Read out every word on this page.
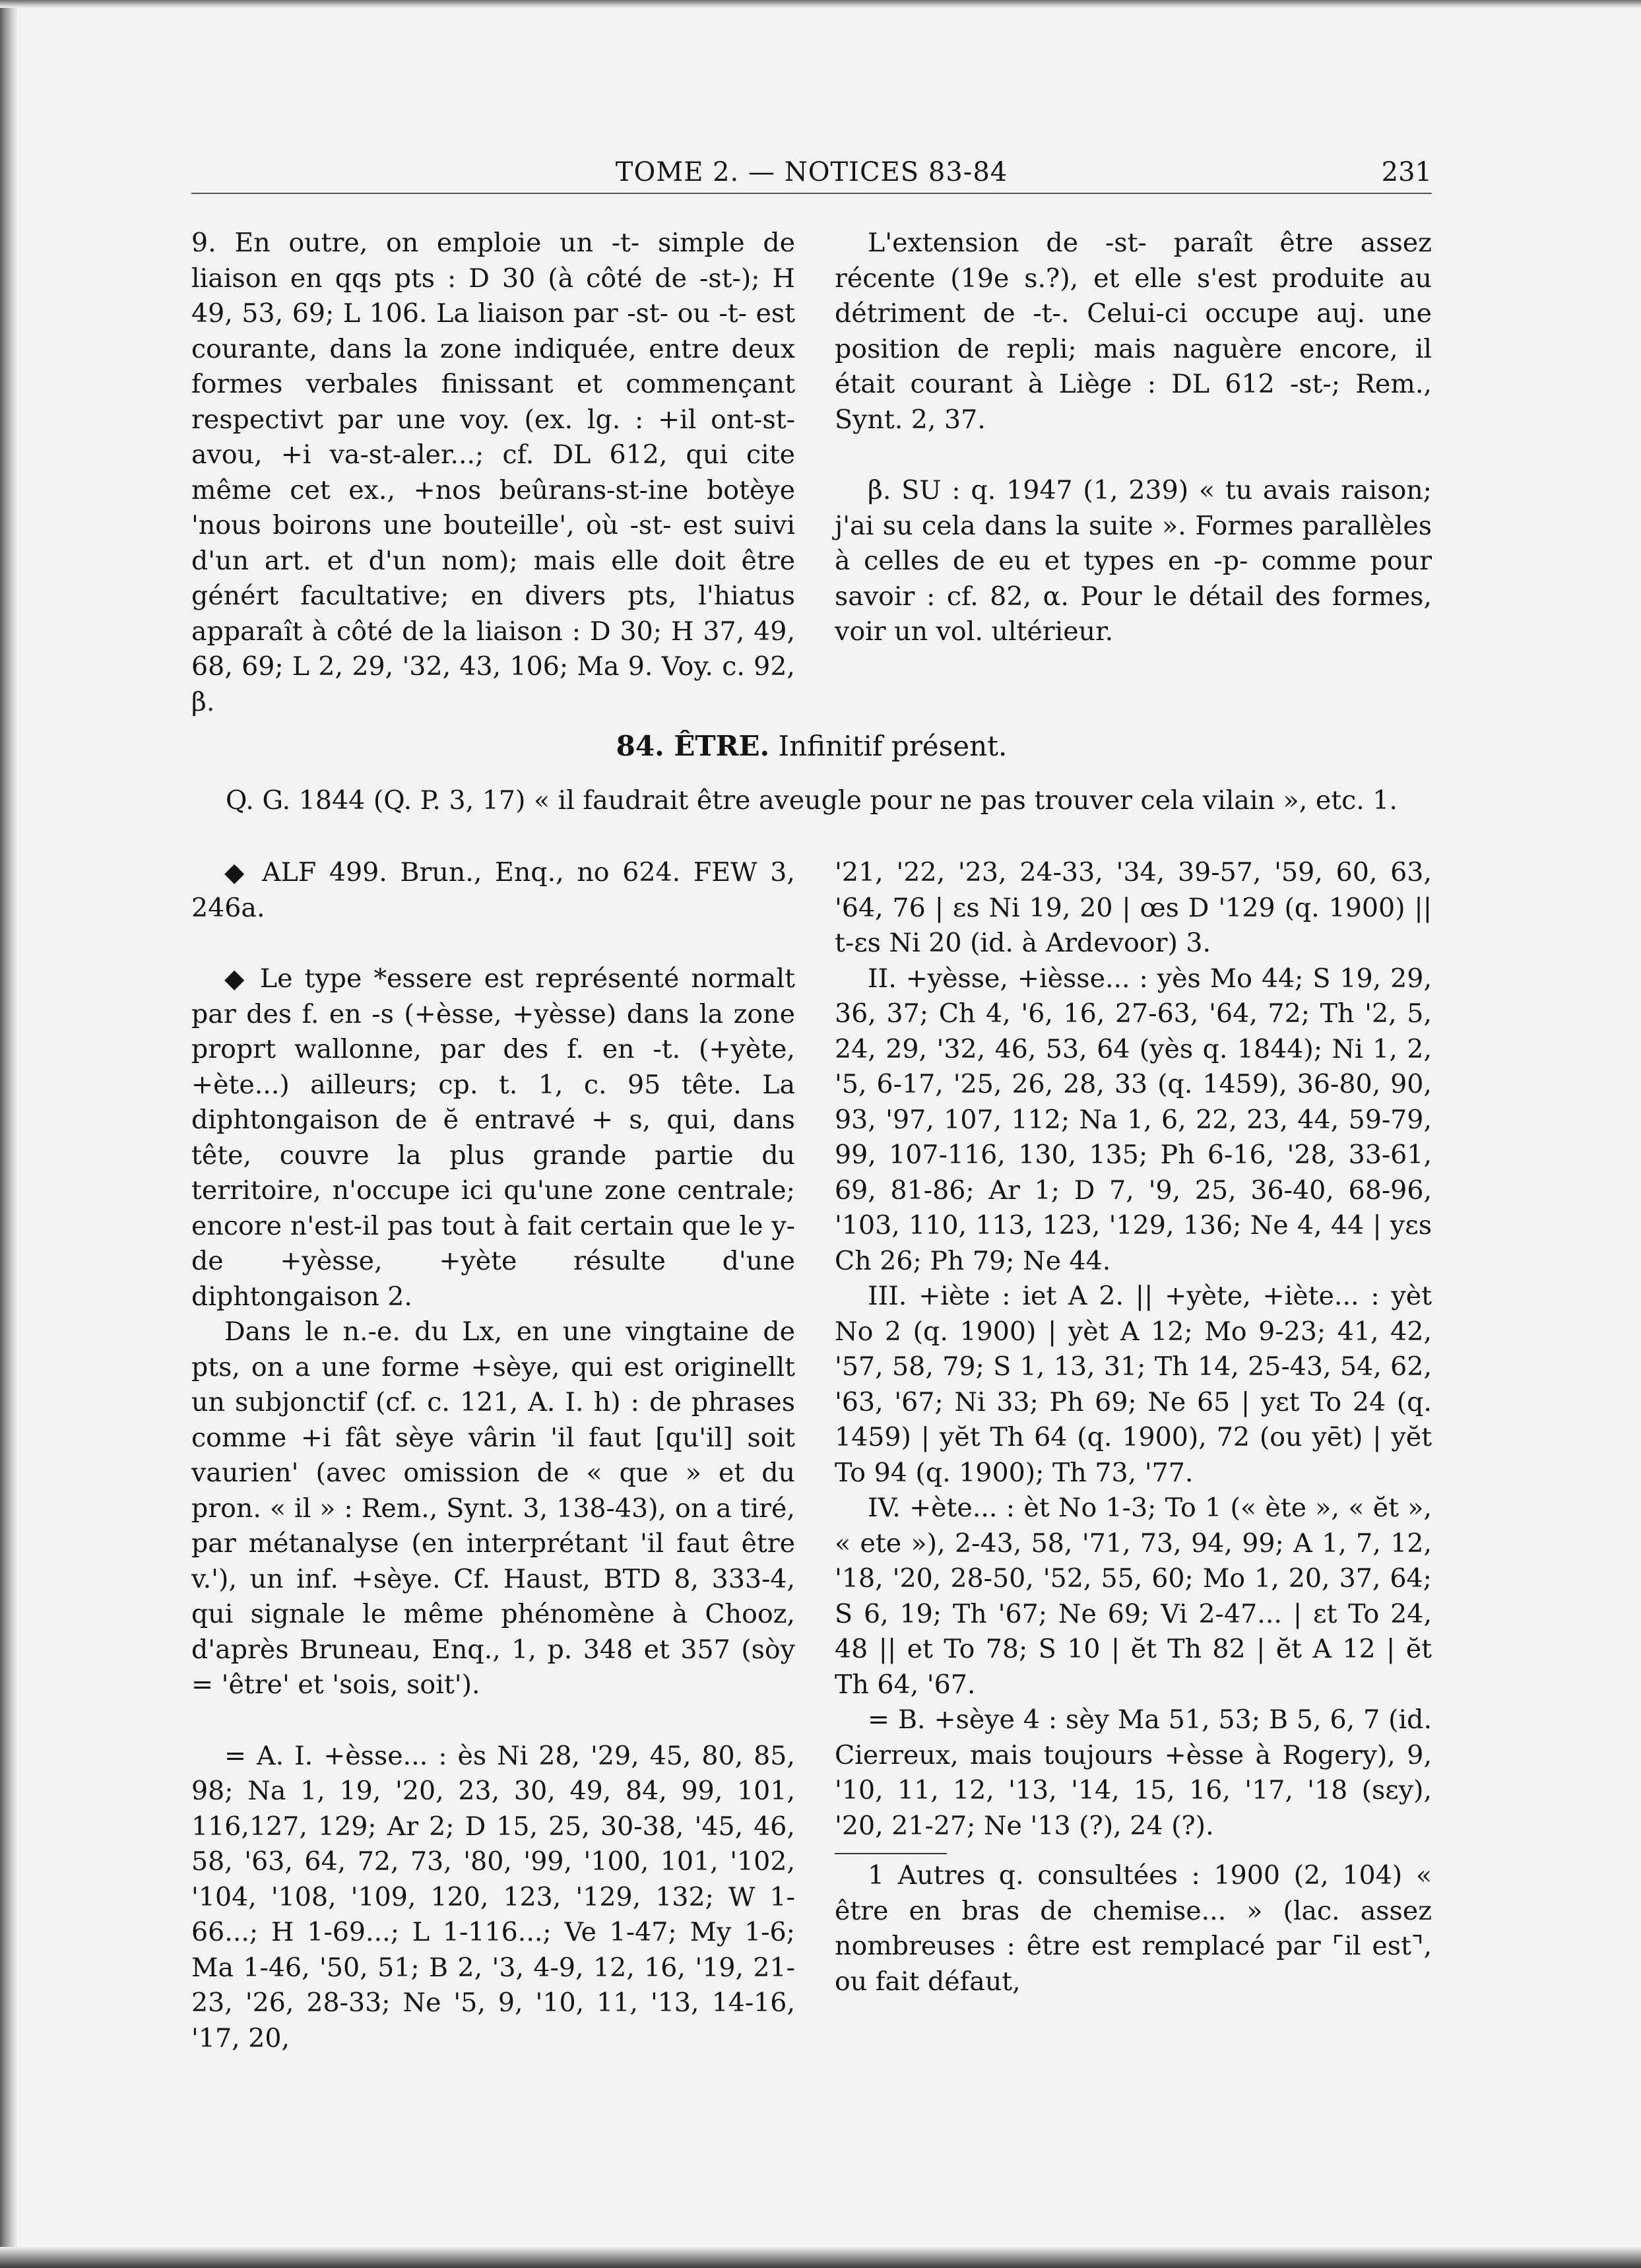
TOME 2. — NOTICES 83-84	231

9. En outre, on emploie un -t- simple de liaison en qqs pts : D 30 (à côté de -st-); H 49, 53, 69; L 106. La liaison par -st- ou -t- est courante, dans la zone indiquée, entre deux formes verbales finissant et commençant respectivt par une voy. (ex. lg. : +il ont-st-avou, +i va-st-aler...; cf. DL 612, qui cite même cet ex., +nos beûrans-st-ine botèye 'nous boirons une bouteille', où -st- est suivi d'un art. et d'un nom); mais elle doit être génért facultative; en divers pts, l'hiatus apparaît à côté de la liaison : D 30; H 37, 49, 68, 69; L 2, 29, '32, 43, 106; Ma 9. Voy. c. 92, β.

L'extension de -st- paraît être assez récente (19e s.?), et elle s'est produite au détriment de -t-. Celui-ci occupe auj. une position de repli; mais naguère encore, il était courant à Liège : DL 612 -st-; Rem., Synt. 2, 37.

β. SU : q. 1947 (1, 239) « tu avais raison; j'ai su cela dans la suite ». Formes parallèles à celles de eu et types en -p- comme pour savoir : cf. 82, α. Pour le détail des formes, voir un vol. ultérieur.

84. ÊTRE. Infinitif présent.
Q. G. 1844 (Q. P. 3, 17) « il faudrait être aveugle pour ne pas trouver cela vilain », etc. 1.

◆ ALF 499. Brun., Enq., no 624. FEW 3, 246a.

◆ Le type *essere est représenté normalt par des f. en -s (+èsse, +yèsse) dans la zone proprt wallonne, par des f. en -t. (+yète, +ète...) ailleurs; cp. t. 1, c. 95 tête. La diphtongaison de ĕ entravé + s, qui, dans tête, couvre la plus grande partie du territoire, n'occupe ici qu'une zone centrale; encore n'est-il pas tout à fait certain que le y- de +yèsse, +yète résulte d'une diphtongaison 2.

Dans le n.-e. du Lx, en une vingtaine de pts, on a une forme +sèye, qui est originellt un subjonctif (cf. c. 121, A. I. h) : de phrases comme +i fât sèye vârin 'il faut [qu'il] soit vaurien' (avec omission de « que » et du pron. « il » : Rem., Synt. 3, 138-43), on a tiré, par métanalyse (en interprétant 'il faut être v.'), un inf. +sèye. Cf. Haust, BTD 8, 333-4, qui signale le même phénomène à Chooz, d'après Bruneau, Enq., 1, p. 348 et 357 (sòy = 'être' et 'sois, soit').

= A. I. +èsse... : ès Ni 28, '29, 45, 80, 85, 98; Na 1, 19, '20, 23, 30, 49, 84, 99, 101, 116,127, 129; Ar 2; D 15, 25, 30-38, '45, 46, 58, '63, 64, 72, 73, '80, '99, '100, 101, '102, '104, '108, '109, 120, 123, '129, 132; W 1-66...; H 1-69...; L 1-116...; Ve 1-47; My 1-6; Ma 1-46, '50, 51; B 2, '3, 4-9, 12, 16, '19, 21-23, '26, 28-33; Ne '5, 9, '10, 11, '13, 14-16, '17, 20,

'21, '22, '23, 24-33, '34, 39-57, '59, 60, 63, '64, 76 | ɛs Ni 19, 20 | œs D '129 (q. 1900) || t-ɛs Ni 20 (id. à Ardevoor) 3.

II. +yèsse, +ièsse... : yès Mo 44; S 19, 29, 36, 37; Ch 4, '6, 16, 27-63, '64, 72; Th '2, 5, 24, 29, '32, 46, 53, 64 (yès q. 1844); Ni 1, 2, '5, 6-17, '25, 26, 28, 33 (q. 1459), 36-80, 90, 93, '97, 107, 112; Na 1, 6, 22, 23, 44, 59-79, 99, 107-116, 130, 135; Ph 6-16, '28, 33-61, 69, 81-86; Ar 1; D 7, '9, 25, 36-40, 68-96, '103, 110, 113, 123, '129, 136; Ne 4, 44 | yɛs Ch 26; Ph 79; Ne 44.

III. +iète : iet A 2. || +yète, +iète... : yèt No 2 (q. 1900) | yèt A 12; Mo 9-23; 41, 42, '57, 58, 79; S 1, 13, 31; Th 14, 25-43, 54, 62, '63, '67; Ni 33; Ph 69; Ne 65 | yɛt To 24 (q. 1459) | yĕt Th 64 (q. 1900), 72 (ou yēt) | yĕt To 94 (q. 1900); Th 73, '77.

IV. +ète... : èt No 1-3; To 1 (« ète », « ĕt », « ete »), 2-43, 58, '71, 73, 94, 99; A 1, 7, 12, '18, '20, 28-50, '52, 55, 60; Mo 1, 20, 37, 64; S 6, 19; Th '67; Ne 69; Vi 2-47... | ɛt To 24, 48 || et To 78; S 10 | ĕt Th 82 | ĕt A 12 | ĕt Th 64, '67.

= B. +sèye 4 : sèy Ma 51, 53; B 5, 6, 7 (id. Cierreux, mais toujours +èsse à Rogery), 9, '10, 11, 12, '13, '14, 15, 16, '17, '18 (sɛy), '20, 21-27; Ne '13 (?), 24 (?).

1 Autres q. consultées : 1900 (2, 104) « être en bras de chemise... » (lac. assez nombreuses : être est remplacé par ⌜il est⌝, ou fait défaut,
